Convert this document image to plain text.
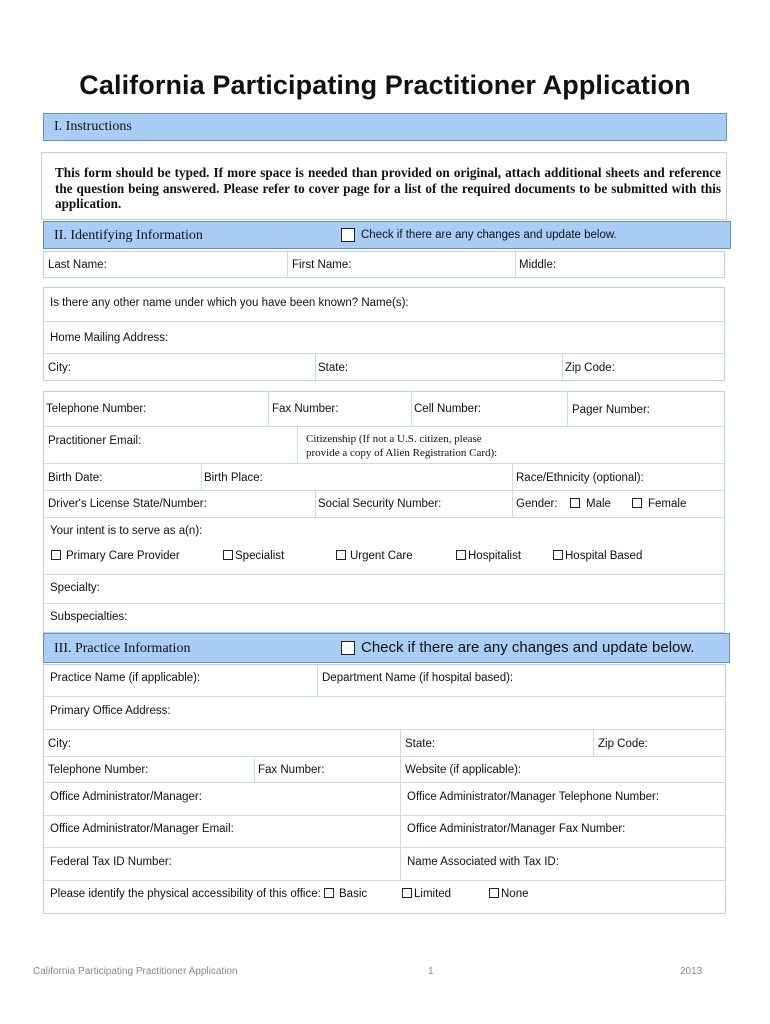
California Participating Practitioner Application
I. Instructions
This form should be typed. If more space is needed than provided on original, attach additional sheets and reference the question being answered. Please refer to cover page for a list of the required documents to be submitted with this application.
II. Identifying Information	Check if there are any changes and update below.
Last Name:	First Name:	Middle:
Is there any other name under which you have been known? Name(s):
Home Mailing Address:
City:	State:	Zip Code:
Telephone Number:	Fax Number:	Cell Number:	Pager Number:
Practitioner Email:	Citizenship (If not a U.S. citizen, please
provide a copy of Alien Registration Card):
Birth Date:	Birth Place:	Race/Ethnicity (optional):
Driver's License State/Number:	Social Security Number:	Gender: Male	Female
Your intent is to serve as a(n):
Primary Care Provider	Specialist	Urgent Care	Hospitalist	Hospital Based
Specialty:
Subspecialties:
III. Practice Information	Check if there are any changes and update below.
Practice Name (if applicable):	Department Name (if hospital based):
Primary Office Address:
City:	State:	Zip Code:
Telephone Number:	Fax Number:	Website (if applicable):
Office Administrator/Manager:	Office Administrator/Manager Telephone Number:
Office Administrator/Manager Email:	Office Administrator/Manager Fax Number:
Federal Tax ID Number:	Name Associated with Tax ID:
Please identify the physical accessibility of this office: Basic	Limited	None
California Participating Practitioner Application	1	2013
